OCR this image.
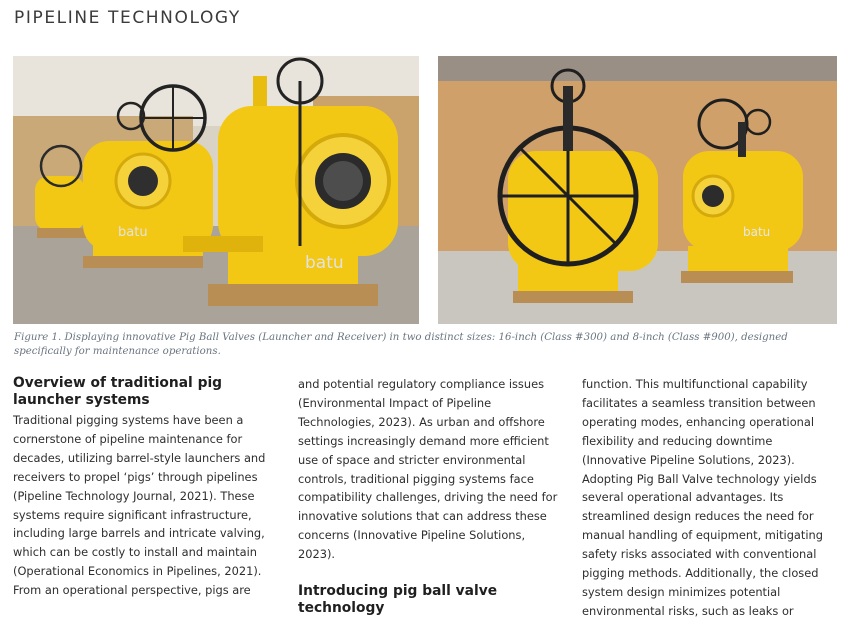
PIPELINE TECHNOLOGY
batu
batu	batu
Figure 1. Displaying innovative Pig Ball Valves (Launcher and Receiver) in two distinct sizes: 16-inch (Class #300) and 8-inch (Class #900), designed specifically for maintenance operations.
Overview of traditional pig launcher systems

Traditional pigging systems have been a cornerstone of pipeline maintenance for decades, utilizing barrel-style launchers and receivers to propel ‘pigs’ through pipelines (Pipeline Technology Journal, 2021). These systems require significant infrastructure, including large barrels and intricate valving, which can be costly to install and maintain (Operational Economics in Pipelines, 2021).

From an operational perspective, pigs are

and potential regulatory compliance issues (Environmental Impact of Pipeline Technologies, 2023). As urban and offshore settings increasingly demand more efficient use of space and stricter environmental controls, traditional pigging systems face compatibility challenges, driving the need for innovative solutions that can address these concerns (Innovative Pipeline Solutions, 2023).

Introducing pig ball valve technology

function. This multifunctional capability facilitates a seamless transition between operating modes, enhancing operational flexibility and reducing downtime (Innovative Pipeline Solutions, 2023). Adopting Pig Ball Valve technology yields several operational advantages. Its streamlined design reduces the need for manual handling of equipment, mitigating safety risks associated with conventional pigging methods. Additionally, the closed system design minimizes potential environmental risks, such as leaks or
